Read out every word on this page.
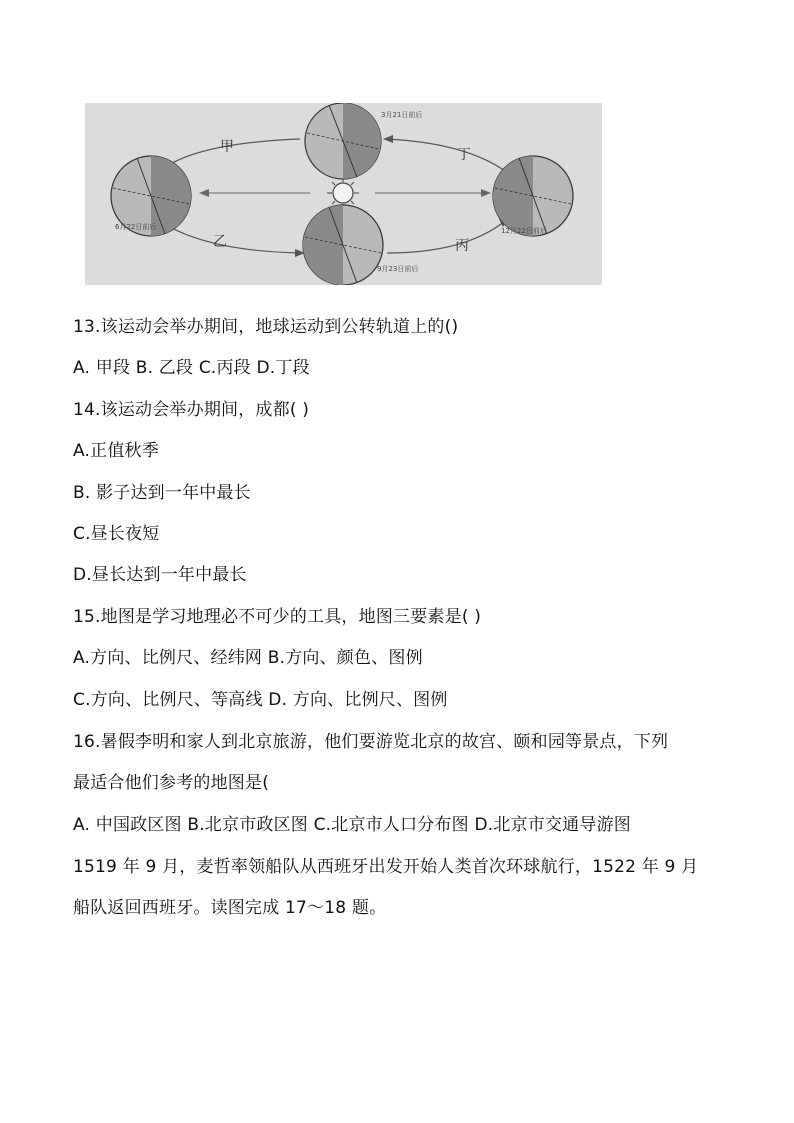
甲
乙	丙
丁
3月21日前后
6月22日前后
9月23日前后
12月22日前后
13.该运动会举办期间，地球运动到公转轨道上的()
A. 甲段 B. 乙段 C.丙段 D.丁段
14.该运动会举办期间，成都( )
A.正值秋季
B. 影子达到一年中最长
C.昼长夜短
D.昼长达到一年中最长
15.地图是学习地理必不可少的工具，地图三要素是( )
A.方向、比例尺、经纬网 B.方向、颜色、图例
C.方向、比例尺、等高线 D. 方向、比例尺、图例
16.暑假李明和家人到北京旅游，他们要游览北京的故宫、颐和园等景点，下列
最适合他们参考的地图是(
A. 中国政区图 B.北京市政区图 C.北京市人口分布图 D.北京市交通导游图
1519 年 9 月，麦哲率领船队从西班牙出发开始人类首次环球航行，1522 年 9 月
船队返回西班牙。读图完成 17～18 题。
